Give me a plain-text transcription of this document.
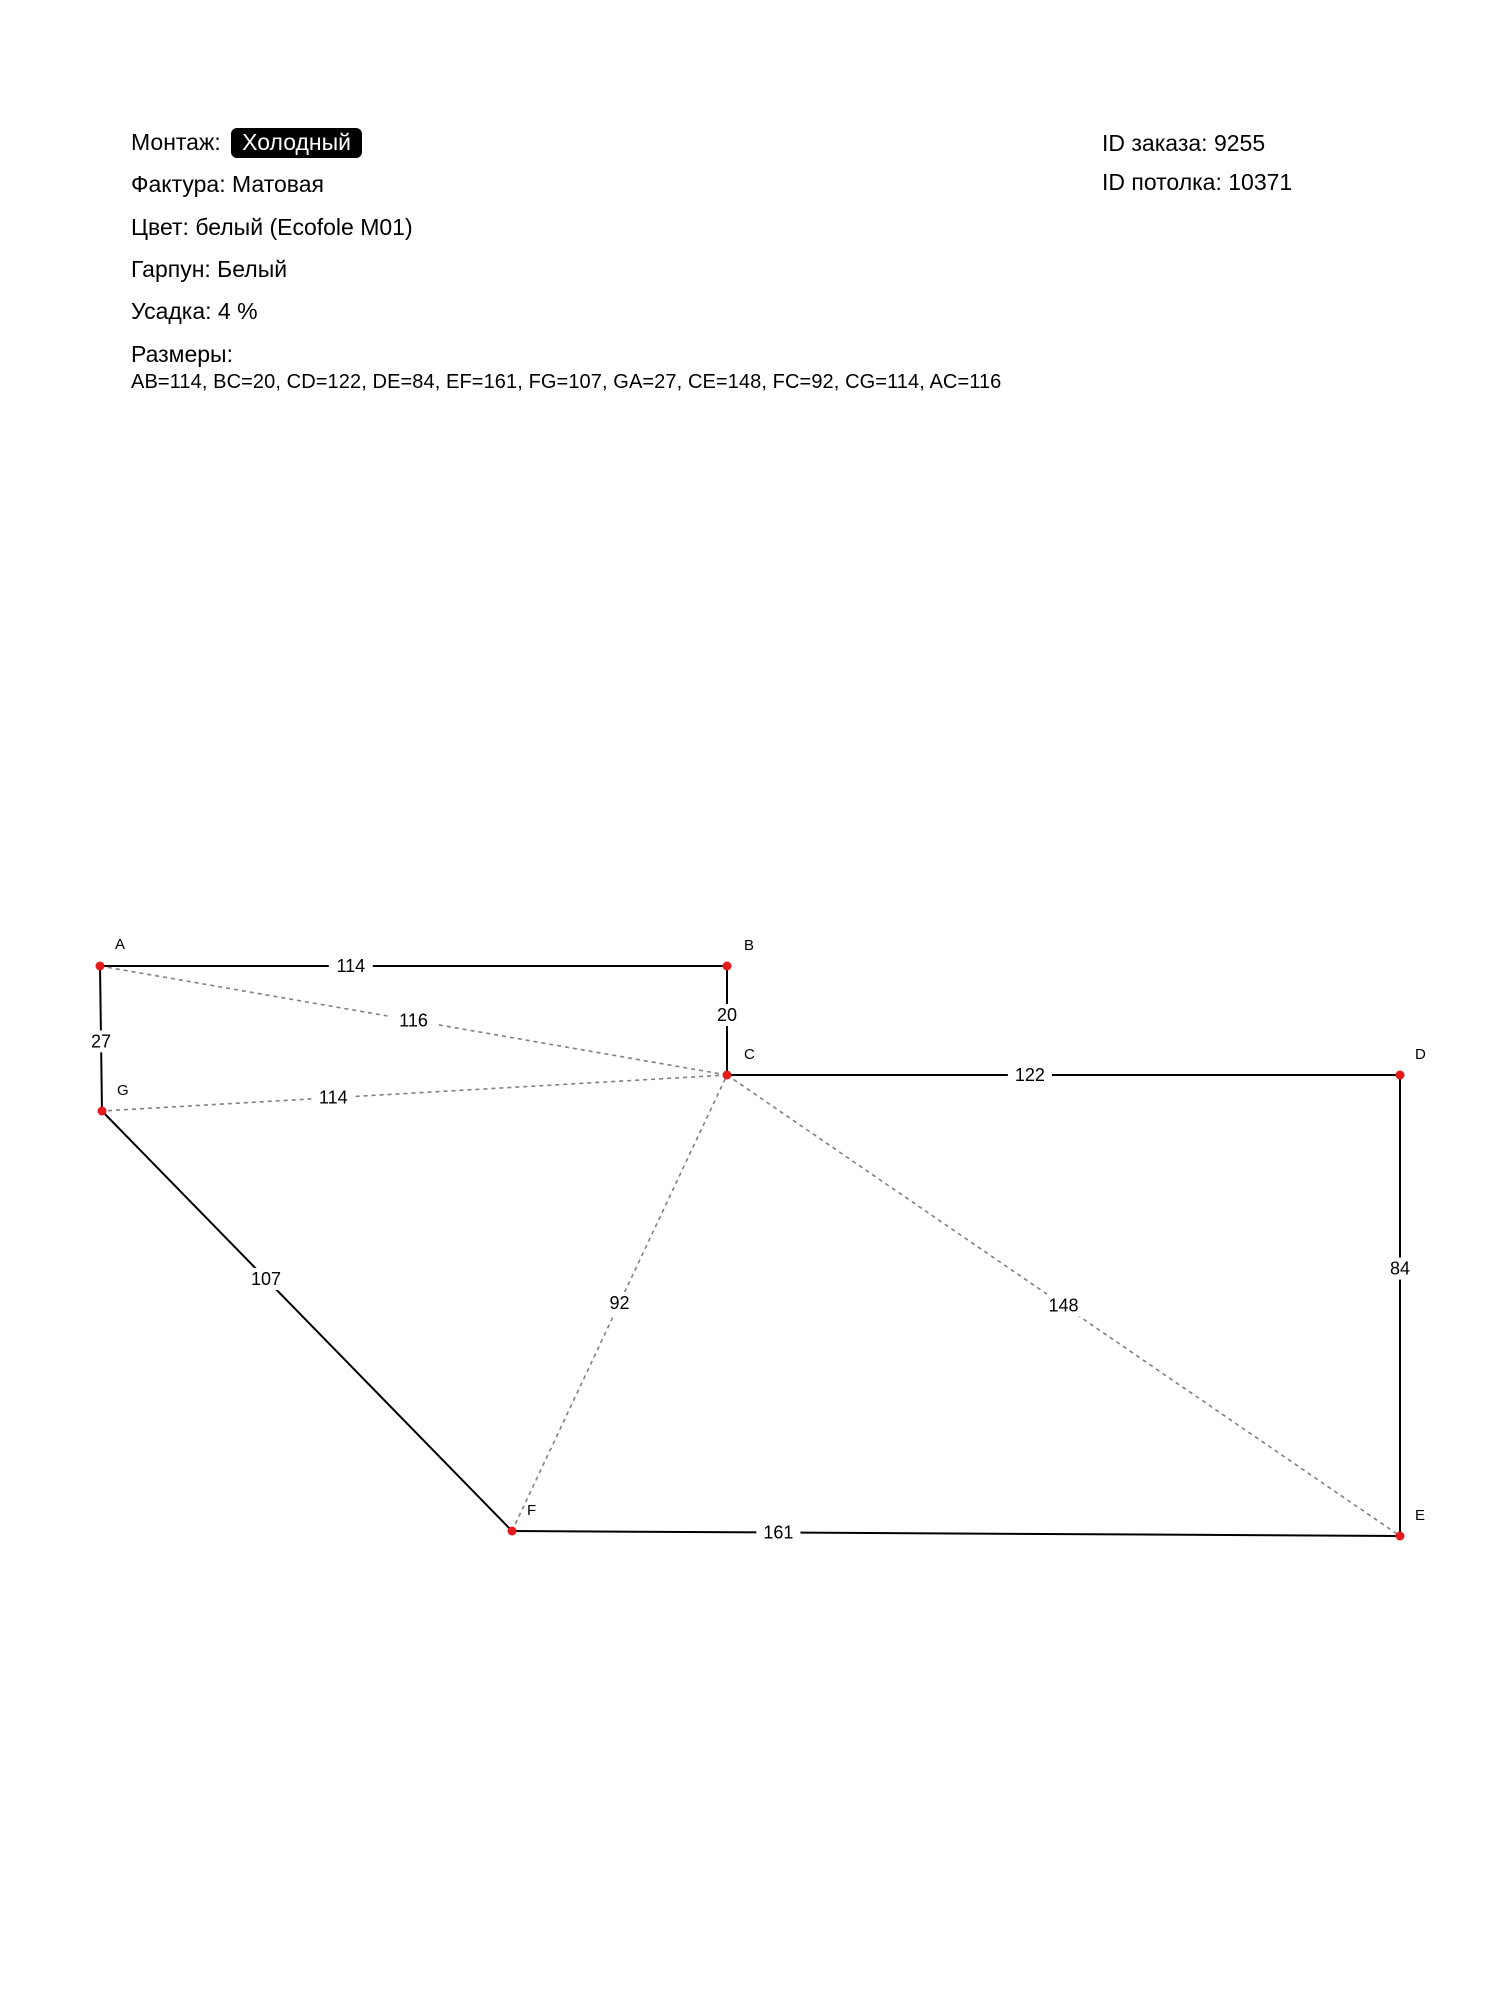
Монтаж: Холодный
Фактура: Матовая
Цвет: белый (Ecofole M01)
Гарпун: Белый
Усадка: 4 %
Размеры:
AB=114, BC=20, CD=122, DE=84, EF=161, FG=107, GA=27, CE=148, FC=92, CG=114, AC=116
ID заказа: 9255
ID потолка: 10371
114
20
122
84
161
107
27
148
92
114
116
A	B
C	D
E
F
G
